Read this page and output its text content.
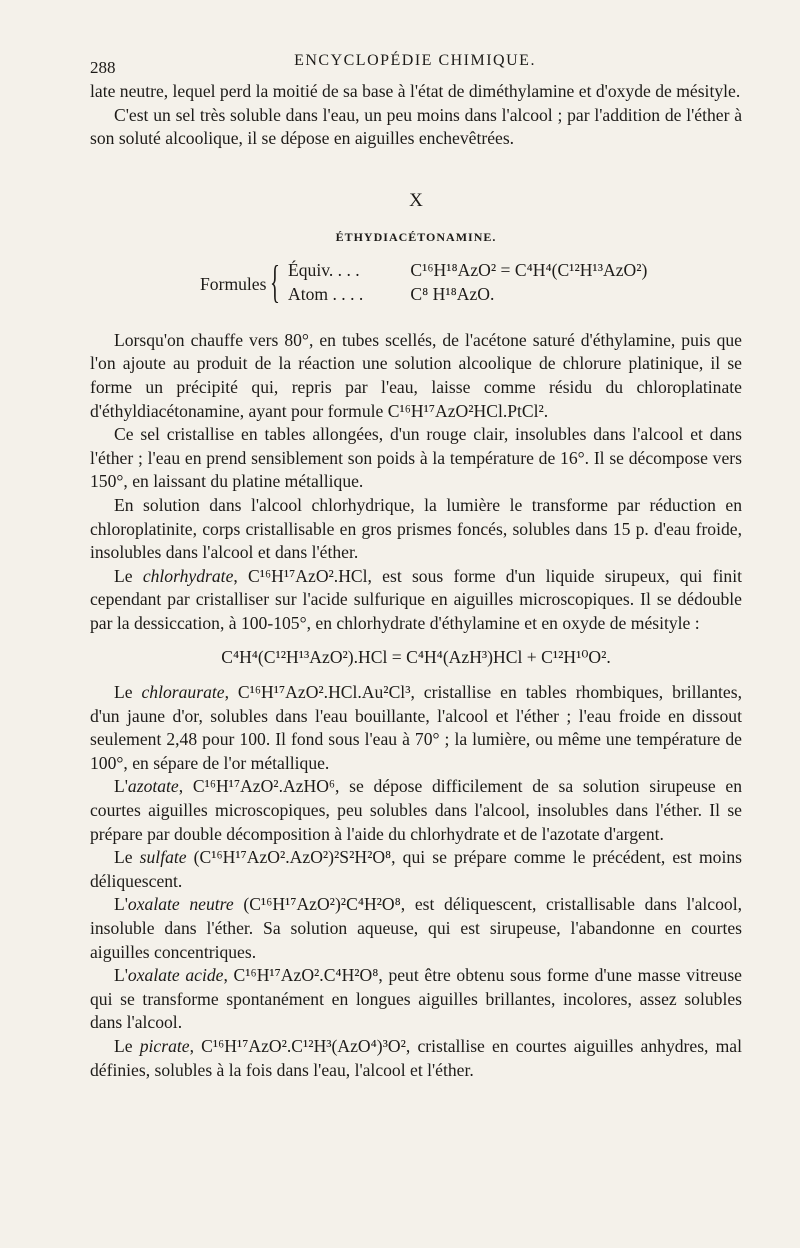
288	ENCYCLOPÉDIE CHIMIQUE.

late neutre, lequel perd la moitié de sa base à l'état de diméthylamine et d'oxyde de mésityle.

C'est un sel très soluble dans l'eau, un peu moins dans l'alcool ; par l'addition de l'éther à son soluté alcoolique, il se dépose en aiguilles enchevêtrées.

X
ÉTHYDIACÉTONAMINE.
Formules { Équiv. . . .	C¹⁶H¹⁸AzO² = C⁴H⁴(C¹²H¹³AzO²)
Atom . . . .	C⁸ H¹⁸AzO.

Lorsqu'on chauffe vers 80°, en tubes scellés, de l'acétone saturé d'éthylamine, puis que l'on ajoute au produit de la réaction une solution alcoolique de chlorure platinique, il se forme un précipité qui, repris par l'eau, laisse comme résidu du chloroplatinate d'éthyldiacétonamine, ayant pour formule C¹⁶H¹⁷AzO²HCl.PtCl².

Ce sel cristallise en tables allongées, d'un rouge clair, insolubles dans l'alcool et dans l'éther ; l'eau en prend sensiblement son poids à la température de 16°. Il se décompose vers 150°, en laissant du platine métallique.

En solution dans l'alcool chlorhydrique, la lumière le transforme par réduction en chloroplatinite, corps cristallisable en gros prismes foncés, solubles dans 15 p. d'eau froide, insolubles dans l'alcool et dans l'éther.

Le chlorhydrate, C¹⁶H¹⁷AzO².HCl, est sous forme d'un liquide sirupeux, qui finit cependant par cristalliser sur l'acide sulfurique en aiguilles microscopiques. Il se dédouble par la dessiccation, à 100-105°, en chlorhydrate d'éthylamine et en oxyde de mésityle :

C⁴H⁴(C¹²H¹³AzO²).HCl = C⁴H⁴(AzH³)HCl + C¹²H¹⁰O².

Le chloraurate, C¹⁶H¹⁷AzO².HCl.Au²Cl³, cristallise en tables rhombiques, brillantes, d'un jaune d'or, solubles dans l'eau bouillante, l'alcool et l'éther ; l'eau froide en dissout seulement 2,48 pour 100. Il fond sous l'eau à 70° ; la lumière, ou même une température de 100°, en sépare de l'or métallique.

L'azotate, C¹⁶H¹⁷AzO².AzHO⁶, se dépose difficilement de sa solution sirupeuse en courtes aiguilles microscopiques, peu solubles dans l'alcool, insolubles dans l'éther. Il se prépare par double décomposition à l'aide du chlorhydrate et de l'azotate d'argent.

Le sulfate (C¹⁶H¹⁷AzO².AzO²)²S²H²O⁸, qui se prépare comme le précédent, est moins déliquescent.

L'oxalate neutre (C¹⁶H¹⁷AzO²)²C⁴H²O⁸, est déliquescent, cristallisable dans l'alcool, insoluble dans l'éther. Sa solution aqueuse, qui est sirupeuse, l'abandonne en courtes aiguilles concentriques.

L'oxalate acide, C¹⁶H¹⁷AzO².C⁴H²O⁸, peut être obtenu sous forme d'une masse vitreuse qui se transforme spontanément en longues aiguilles brillantes, incolores, assez solubles dans l'alcool.

Le picrate, C¹⁶H¹⁷AzO².C¹²H³(AzO⁴)³O², cristallise en courtes aiguilles anhydres, mal définies, solubles à la fois dans l'eau, l'alcool et l'éther.
